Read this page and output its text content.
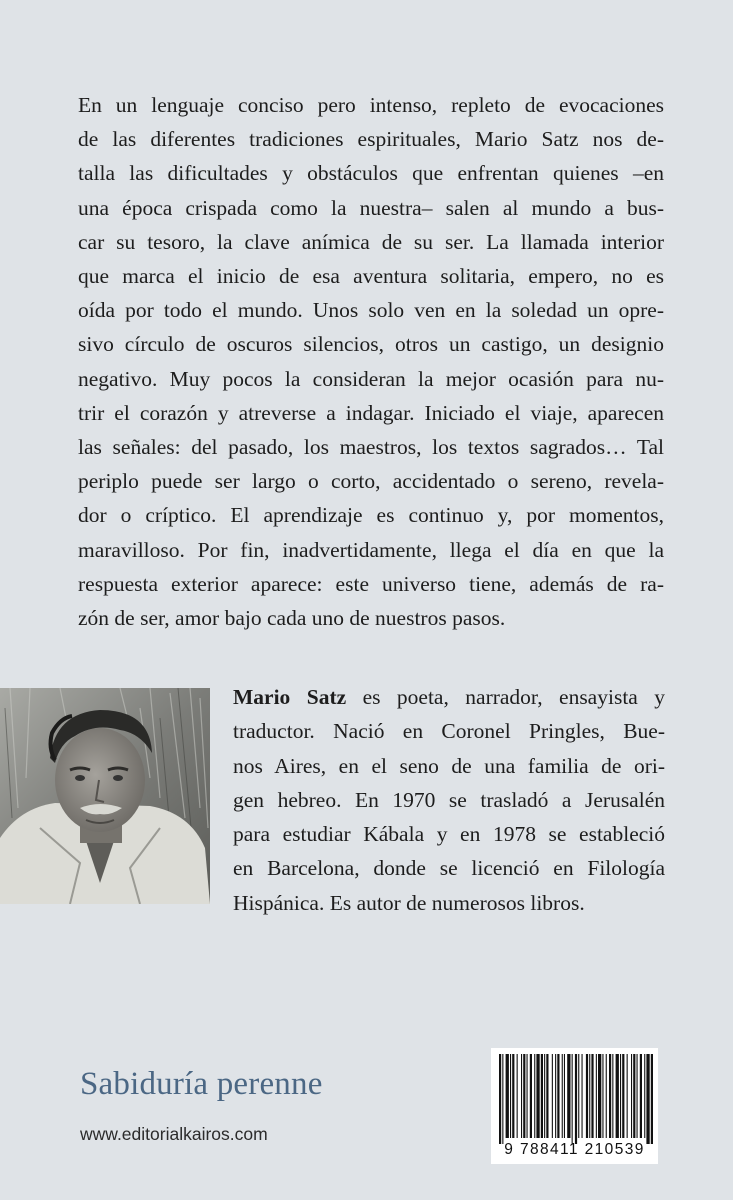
En un lenguaje conciso pero intenso, repleto de evocaciones
de las diferentes tradiciones espirituales, Mario Satz nos de-
talla las dificultades y obstáculos que enfrentan quienes –en
una época crispada como la nuestra– salen al mundo a bus-
car su tesoro, la clave anímica de su ser. La llamada interior
que marca el inicio de esa aventura solitaria, empero, no es
oída por todo el mundo. Unos solo ven en la soledad un opre-
sivo círculo de oscuros silencios, otros un castigo, un designio
negativo. Muy pocos la consideran la mejor ocasión para nu-
trir el corazón y atreverse a indagar. Iniciado el viaje, aparecen
las señales: del pasado, los maestros, los textos sagrados… Tal
periplo puede ser largo o corto, accidentado o sereno, revela-
dor o críptico. El aprendizaje es continuo y, por momentos,
maravilloso. Por fin, inadvertidamente, llega el día en que la
respuesta exterior aparece: este universo tiene, además de ra-
zón de ser, amor bajo cada uno de nuestros pasos.
Mario Satz es poeta, narrador, ensayista y
traductor. Nació en Coronel Pringles, Bue-
nos Aires, en el seno de una familia de ori-
gen hebreo. En 1970 se trasladó a Jerusalén
para estudiar Kábala y en 1978 se estableció
en Barcelona, donde se licenció en Filología
Hispánica. Es autor de numerosos libros.
Sabiduría perenne
www.editorialkairos.com
9 788411 210539
